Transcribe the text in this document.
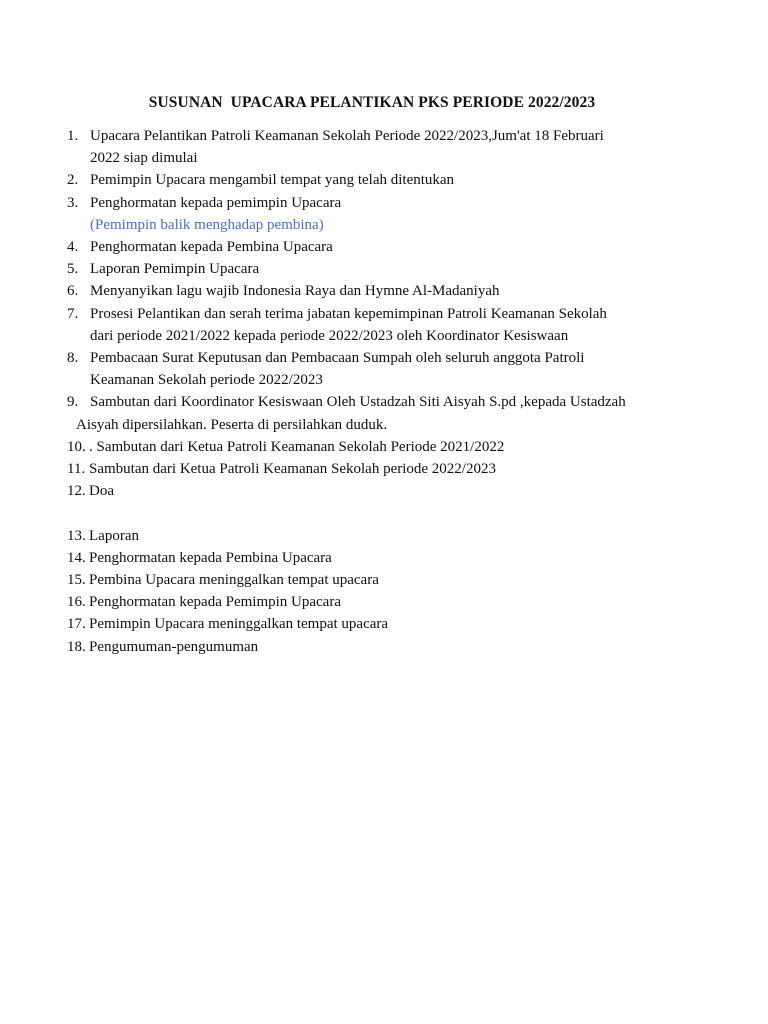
SUSUNAN  UPACARA PELANTIKAN PKS PERIODE 2022/2023
1. Upacara Pelantikan Patroli Keamanan Sekolah Periode 2022/2023,Jum'at 18 Februari
2022 siap dimulai
2. Pemimpin Upacara mengambil tempat yang telah ditentukan
3. Penghormatan kepada pemimpin Upacara
(Pemimpin balik menghadap pembina)
4. Penghormatan kepada Pembina Upacara
5. Laporan Pemimpin Upacara
6. Menyanyikan lagu wajib Indonesia Raya dan Hymne Al-Madaniyah
7. Prosesi Pelantikan dan serah terima jabatan kepemimpinan Patroli Keamanan Sekolah
dari periode 2021/2022 kepada periode 2022/2023 oleh Koordinator Kesiswaan
8. Pembacaan Surat Keputusan dan Pembacaan Sumpah oleh seluruh anggota Patroli
Keamanan Sekolah periode 2022/2023
9. Sambutan dari Koordinator Kesiswaan Oleh Ustadzah Siti Aisyah S.pd ,kepada Ustadzah
Aisyah dipersilahkan. Peserta di persilahkan duduk.
10. . Sambutan dari Ketua Patroli Keamanan Sekolah Periode 2021/2022
11. Sambutan dari Ketua Patroli Keamanan Sekolah periode 2022/2023
12. Doa
13. Laporan
14. Penghormatan kepada Pembina Upacara
15. Pembina Upacara meninggalkan tempat upacara
16. Penghormatan kepada Pemimpin Upacara
17. Pemimpin Upacara meninggalkan tempat upacara
18. Pengumuman-pengumuman
